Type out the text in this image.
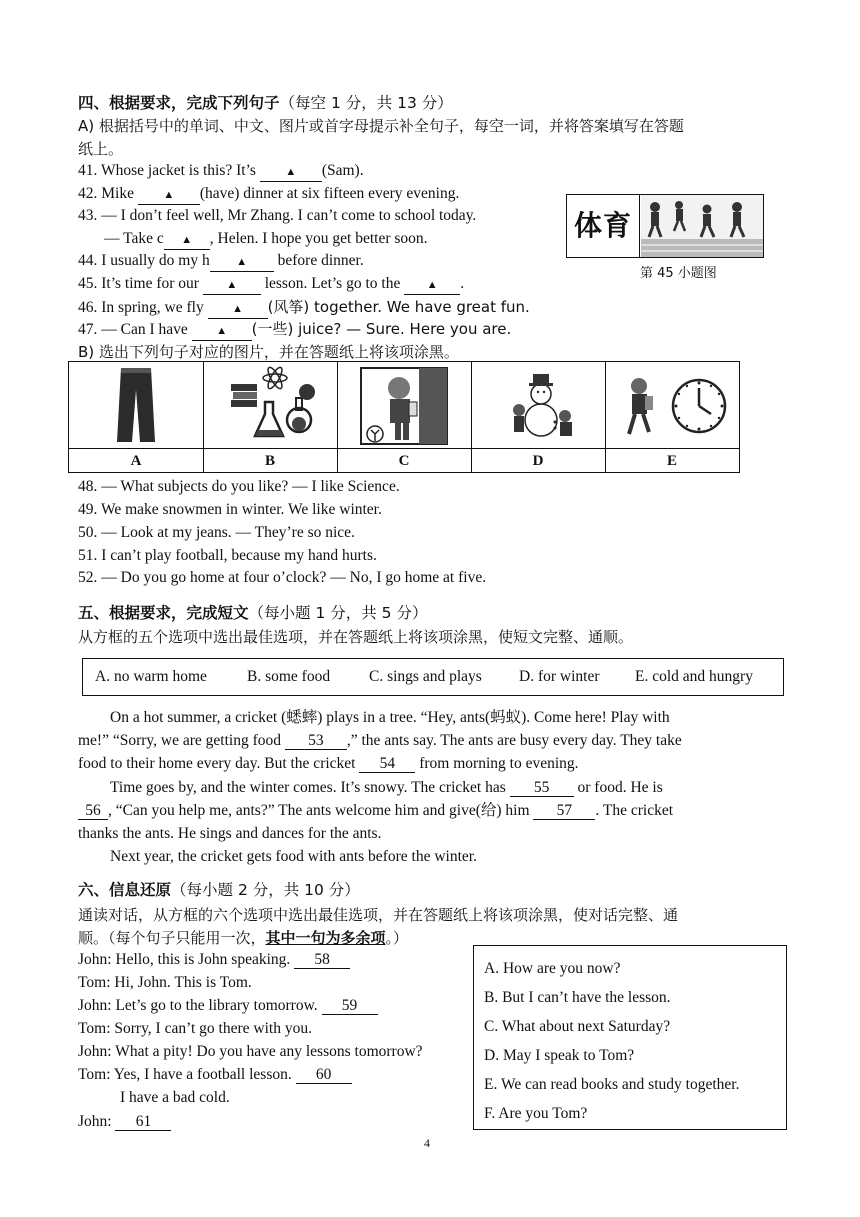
四、根据要求，完成下列句子（每空 1 分，共 13 分）
A) 根据括号中的单词、中文、图片或首字母提示补全句子，每空一词，并将答案填写在答题
纸上。
41. Whose jacket is this? It’s	▲ (Sam).
42. Mike	▲ (have) dinner at six fifteen every evening.
43. — I don’t feel well, Mr Zhang. I can’t come to school today.
— Take c ▲ , Helen. I hope you get better soon.
44. I usually do my h ▲ before dinner.
45. It’s time for our ▲ lesson. Let’s go to the ▲ .
46. In spring, we fly	▲ (风筝) together. We have great fun.
47. — Can I have	▲ (一些) juice? — Sure. Here you are.
体育
第 45 小题图
B) 选出下列句子对应的图片，并在答题纸上将该项涂黑。
A	B	C	D	E
48. — What subjects do you like? — I like Science.
49. We make snowmen in winter. We like winter.
50. — Look at my jeans. — They’re so nice.
51. I can’t play football, because my hand hurts.
52. — Do you go home at four o’clock? — No, I go home at five.
五、根据要求，完成短文（每小题 1 分，共 5 分）
从方框的五个选项中选出最佳选项，并在答题纸上将该项涂黑，使短文完整、通顺。
A. no warm home	B. some food	C. sings and plays D. for winter E. cold and hungry
On a hot summer, a cricket (蟋蟀) plays in a tree. “Hey, ants(蚂蚁). Come here! Play with
me!” “Sorry, we are getting food 53 ,” the ants say. The ants are busy every day. They take
food to their home every day. But the cricket 54 from morning to evening.
Time goes by, and the winter comes. It’s snowy. The cricket has 55 or food. He is
56 , “Can you help me, ants?” The ants welcome him and give(给) him 57 . The cricket
thanks the ants. He sings and dances for the ants.
Next year, the cricket gets food with ants before the winter.
六、信息还原（每小题 2 分，共 10 分）
通读对话，从方框的六个选项中选出最佳选项，并在答题纸上将该项涂黑，使对话完整、通
顺。（每个句子只能用一次，其中一句为多余项。）
John: Hello, this is John speaking. 58
Tom: Hi, John. This is Tom.
John: Let’s go to the library tomorrow. 59
Tom: Sorry, I can’t go there with you.
John: What a pity! Do you have any lessons tomorrow?
Tom: Yes, I have a football lesson. 60
I have a bad cold.
John: 61
A. How are you now?
B. But I can’t have the lesson.
C. What about next Saturday?
D. May I speak to Tom?
E. We can read books and study together.
F. Are you Tom?
4
